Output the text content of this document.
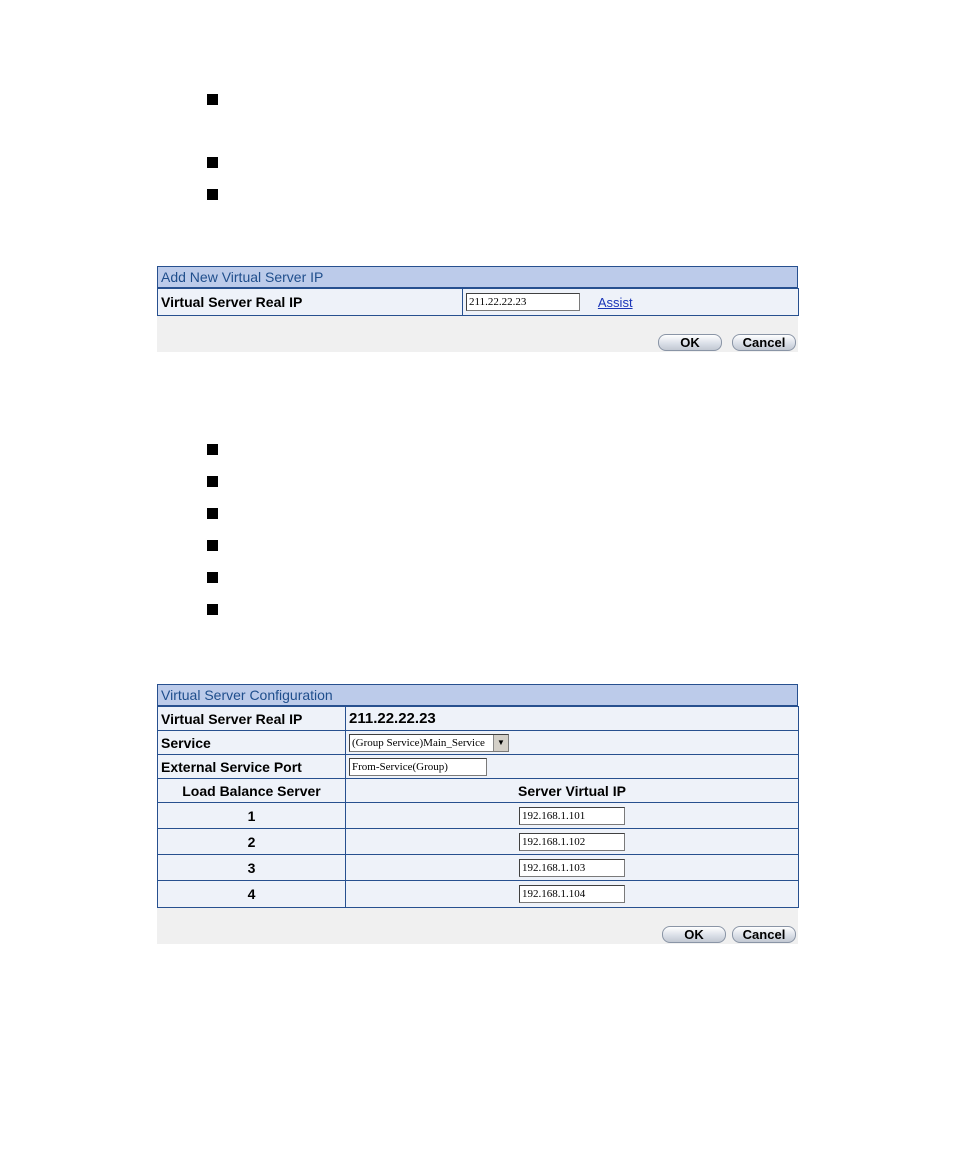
Add New Virtual Server IP
Virtual Server Real IP	211.22.22.23	Assist
OK	Cancel
Virtual Server Configuration
Virtual Server Real IP	211.22.22.23
Service	(Group Service)Main_Service ▼

External Service Port	From-Service(Group)
Load Balance Server	Server Virtual IP
1	192.168.1.101
2	192.168.1.102
3	192.168.1.103
4	192.168.1.104
OK	Cancel
